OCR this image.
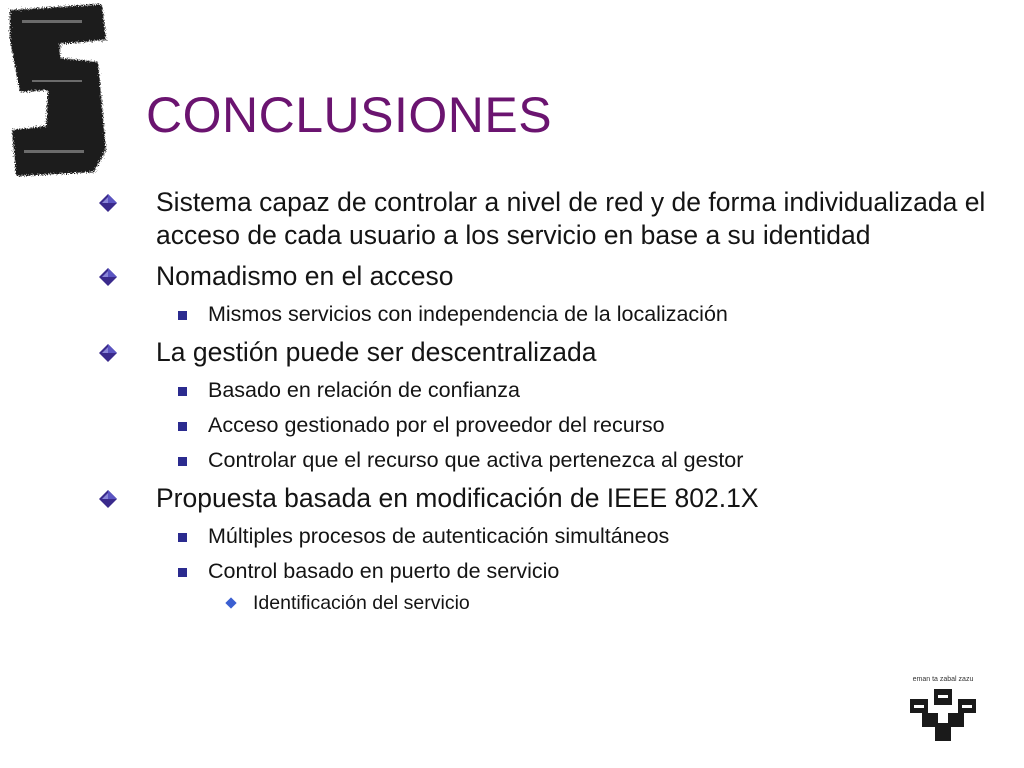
CONCLUSIONES
Sistema capaz de controlar a nivel de red y de forma individualizada el acceso de cada usuario a los servicio en base a su identidad
Nomadismo en el acceso
Mismos servicios con independencia de la localización
La gestión puede ser descentralizada
Basado en relación de confianza
Acceso gestionado por el proveedor del recurso
Controlar que el recurso que activa pertenezca al gestor
Propuesta basada en modificación de IEEE 802.1X
Múltiples procesos de autenticación simultáneos
Control basado en puerto de servicio
Identificación del servicio
eman ta zabal zazu
